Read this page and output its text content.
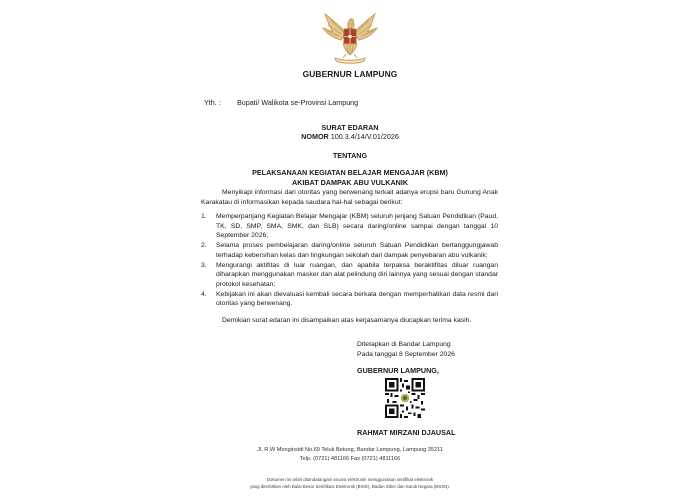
GUBERNUR LAMPUNG
Yth. : Bupati/ Walikota se-Provinsi Lampung
SURAT EDARAN
NOMOR 100.3.4/14/V.01/2026
TENTANG
PELAKSANAAN KEGIATAN BELAJAR MENGAJAR (KBM)
AKIBAT DAMPAK ABU VULKANIK
Menyikapi informasi dari otoritas yang berwenang terkait adanya erupsi baru Gunung Anak Karakatau di informasikan kepada saudara hal-hal sebagai berikut:
1.	Memperpanjang Kegiatan Belajar Mengajar (KBM) seluruh jenjang Satuan Pendidikan (Paud, TK, SD, SMP, SMA, SMK, dan SLB) secara daring/online sampai dengan tanggal 10 September 2026;
2.	Selama proses pembelajaran daring/online seluruh Satuan Pendidikan bertanggungjawab terhadap kebersihan kelas dan lingkungan sekolah dari dampak penyebaran abu vulkanik;
3.	Mengurangi aktifitas di luar ruangan, dan apabila terpaksa beraktifitas diluar ruangan diharapkan menggunakan masker dan alat pelindung diri lainnya yang sesuai dengan standar protokol kesehatan;
4.	Kebijakan ini akan dievaluasi kembali secara berkala dengan memperhatikan data resmi dari otoritas yang berwenang.
Demikian surat edaran ini disampaikan atas kerjasamanya diucapkan terima kasih.
Ditetapkan di Bandar Lampung
Pada tanggal 8 September 2026
GUBERNUR LAMPUNG,
RAHMAT MIRZANI DJAUSAL
Jl. R.W Monginsidi No.69 Teluk Betung, Bandar Lampung, Lampung 35211
Telp. (0721) 481166 Fax (0721) 4811166
Dokumen ini telah ditandatangani secara elektronik menggunakan sertifikat elektronik
yang diterbitkan oleh Balai Besar Sertifikasi Elektronik (BSrE), Badan Siber dan Sandi Negara (BSSN).
